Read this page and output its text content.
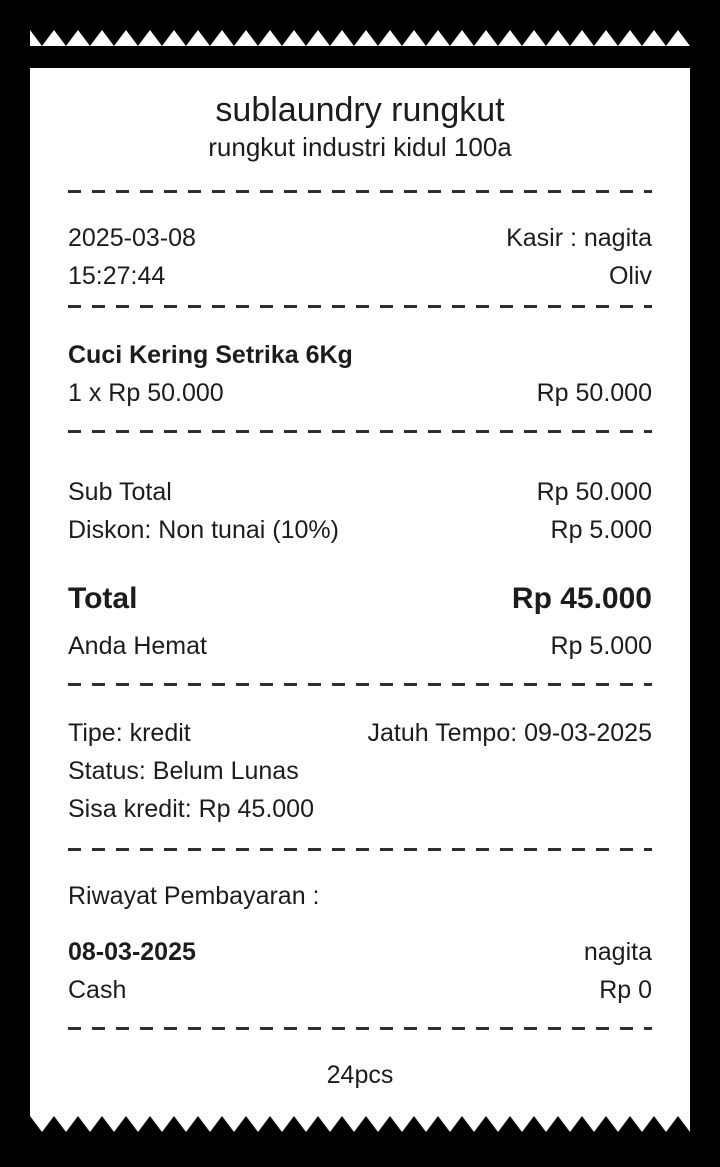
sublaundry rungkut
rungkut industri kidul 100a
2025-03-08	Kasir : nagita
15:27:44	Oliv
Cuci Kering Setrika 6Kg
1 x Rp 50.000	Rp 50.000
Sub Total	Rp 50.000
Diskon: Non tunai (10%)	Rp 5.000
Total	Rp 45.000
Anda Hemat	Rp 5.000
Tipe: kredit	Jatuh Tempo: 09-03-2025
Status: Belum Lunas
Sisa kredit: Rp 45.000
Riwayat Pembayaran :
08-03-2025	nagita
Cash	Rp 0
24pcs
